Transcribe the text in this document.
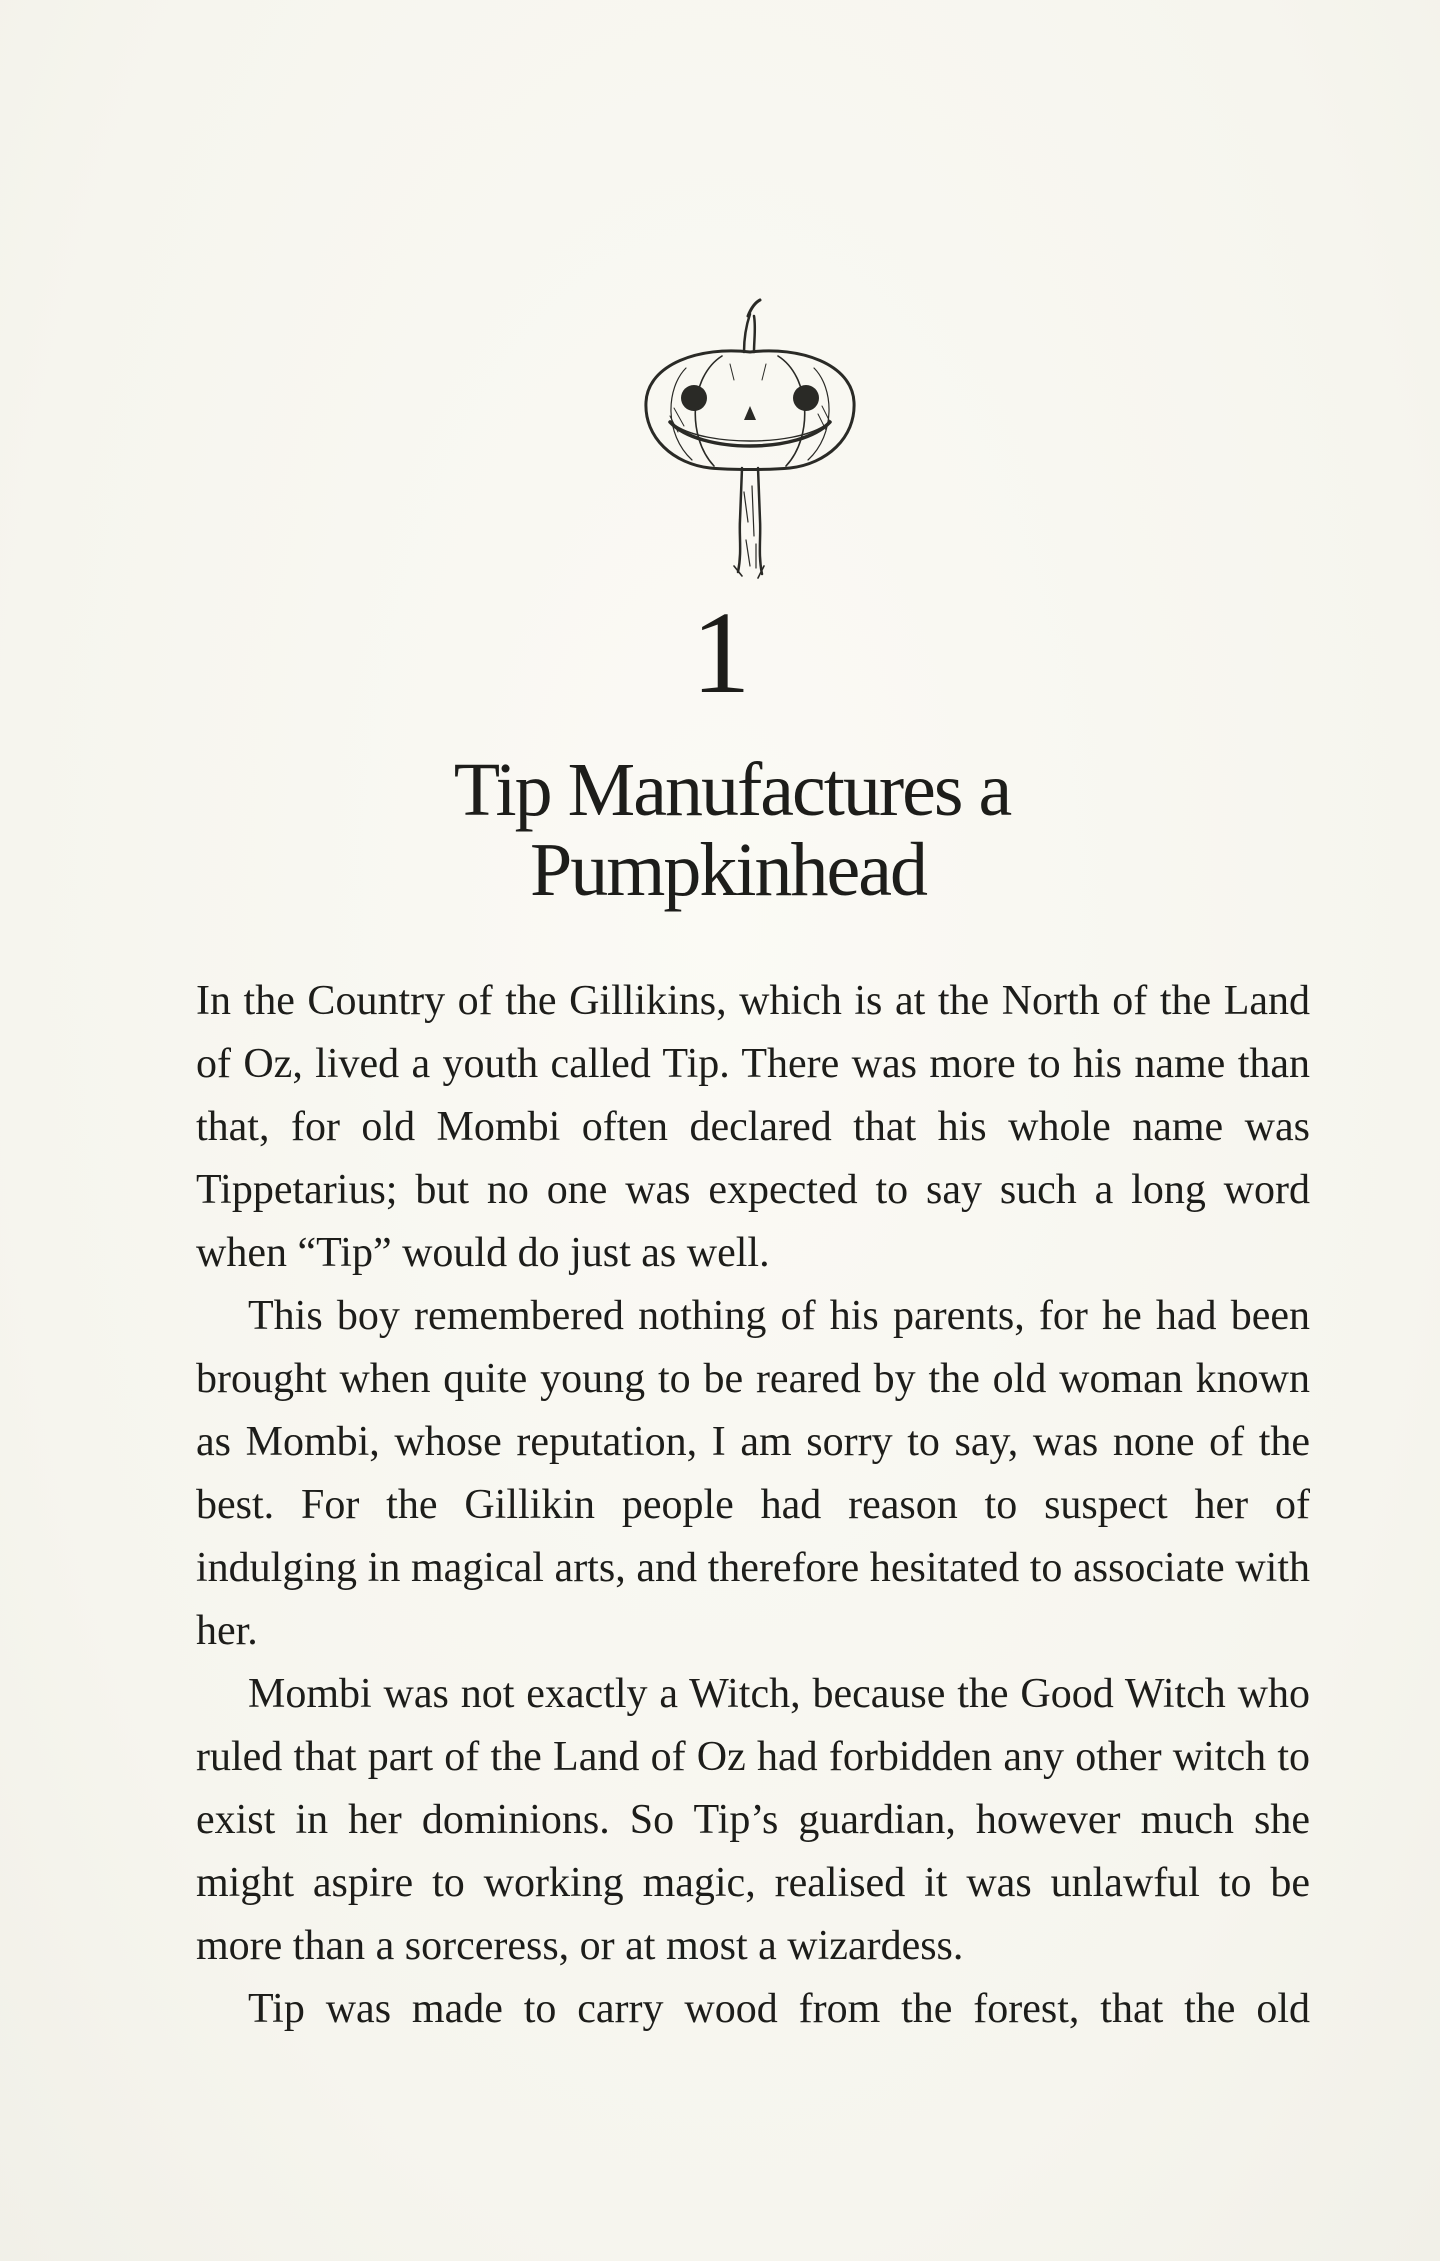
1
Tip Manufactures a
Pumpkinhead

In the Country of the Gillikins, which is at the North of the Land of Oz, lived a youth called Tip. There was more to his name than that, for old Mombi often declared that his whole name was Tippetarius; but no one was expected to say such a long word when “Tip” would do just as well.

This boy remembered nothing of his parents, for he had been brought when quite young to be reared by the old woman known as Mombi, whose reputation, I am sorry to say, was none of the best. For the Gillikin people had reason to suspect her of indulging in magical arts, and therefore hesitated to associate with her.

Mombi was not exactly a Witch, because the Good Witch who ruled that part of the Land of Oz had forbidden any other witch to exist in her dominions. So Tip’s guardian, however much she might aspire to working magic, realised it was unlawful to be more than a sorceress, or at most a wizardess.

Tip was made to carry wood from the forest, that the old
